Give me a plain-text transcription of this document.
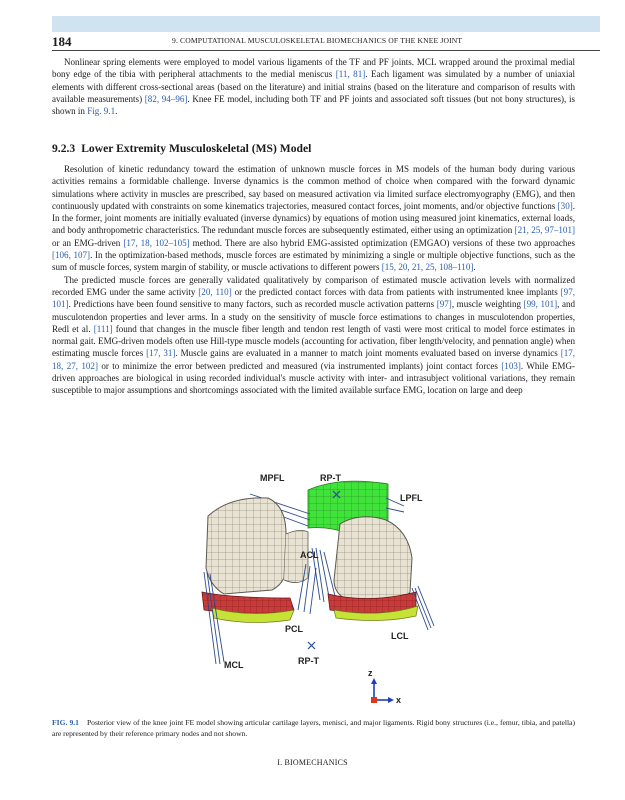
184	9. COMPUTATIONAL MUSCULOSKELETAL BIOMECHANICS OF THE KNEE JOINT

Nonlinear spring elements were employed to model various ligaments of the TF and PF joints. MCL wrapped around the proximal medial bony edge of the tibia with peripheral attachments to the medial meniscus [11, 81]. Each ligament was simulated by a number of uniaxial elements with different cross-sectional areas (based on the literature) and initial strains (based on the literature and comparison of results with available measurements) [82, 94–96]. Knee FE model, including both TF and PF joints and associated soft tissues (but not bony structures), is shown in Fig. 9.1.

9.2.3 Lower Extremity Musculoskeletal (MS) Model

Resolution of kinetic redundancy toward the estimation of unknown muscle forces in MS models of the human body during various activities remains a formidable challenge. Inverse dynamics is the common method of choice when compared with the forward dynamic simulations where activity in muscles are prescribed, say based on measured activation via limited surface electromyography (EMG), and then continuously updated with constraints on some kinematics trajectories, measured contact forces, joint moments, and/or objective functions [30]. In the former, joint moments are initially evaluated (inverse dynamics) by equations of motion using measured joint kinematics, external loads, and body anthropometric characteristics. The redundant muscle forces are subsequently estimated, either using an optimization [21, 25, 97–101] or an EMG-driven [17, 18, 102–105] method. There are also hybrid EMG-assisted optimization (EMGAO) versions of these two approaches [106, 107]. In the optimization-based methods, muscle forces are estimated by minimizing a single or multiple objective functions, such as the sum of muscle forces, system margin of stability, or muscle activations to different powers [15, 20, 21, 25, 108–110].

The predicted muscle forces are generally validated qualitatively by comparison of estimated muscle activation levels with normalized recorded EMG under the same activity [20, 110] or the predicted contact forces with data from patients with instrumented knee implants [97, 101]. Predictions have been found sensitive to many factors, such as recorded muscle activation patterns [97], muscle weighting [99, 101], and musculotendon properties and lever arms. In a study on the sensitivity of muscle force estimations to changes in musculotendon properties, Redl et al. [111] found that changes in the muscle fiber length and tendon rest length of vasti were most critical to model force estimates in normal gait. EMG-driven models often use Hill-type muscle models (accounting for activation, fiber length/velocity, and pennation angle) when estimating muscle forces [17, 31]. Muscle gains are evaluated in a manner to match joint moments evaluated based on inverse dynamics [17, 18, 27, 102] or to minimize the error between predicted and measured (via instrumented implants) joint contact forces [103]. While EMG-driven approaches are biological in using recorded individual's muscle activity with inter- and intrasubject volitional variations, they remain susceptible to major assumptions and shortcomings associated with the limited available surface EMG, location on large and deep

MPFL	RP-T
LPFL
ACL
PCL
LCL
MCL	RP-T
z
x
FIG. 9.1 Posterior view of the knee joint FE model showing articular cartilage layers, menisci, and major ligaments. Rigid bony structures (i.e., femur, tibia, and patella) are represented by their reference primary nodes and not shown.
I. BIOMECHANICS
